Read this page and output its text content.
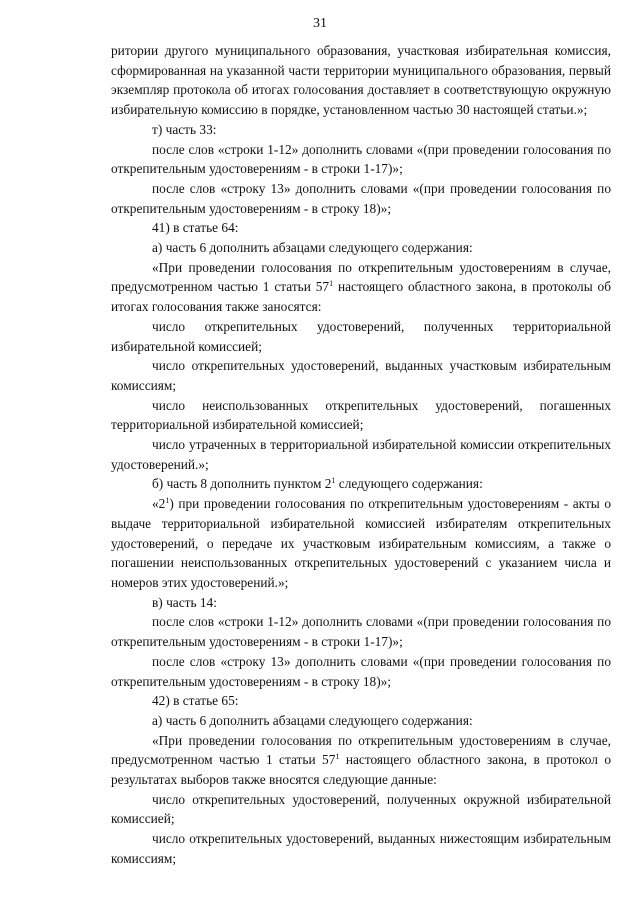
31

ритории другого муниципального образования, участковая избирательная комиссия, сформированная на указанной части территории муниципального образования, первый экземпляр протокола об итогах голосования доставляет в соответствующую окружную избирательную комиссию в порядке, установленном частью 30 настоящей статьи.»;

т) часть 33:

после слов «строки 1-12» дополнить словами «(при проведении голосования по открепительным удостоверениям - в строки 1-17)»;

после слов «строку 13» дополнить словами «(при проведении голосования по открепительным удостоверениям - в строку 18)»;

41) в статье 64:

а) часть 6 дополнить абзацами следующего содержания:

«При проведении голосования по открепительным удостоверениям в случае, предусмотренном частью 1 статьи $57^1$ настоящего областного закона, в протоколы об итогах голосования также заносятся:

число открепительных удостоверений, полученных территориальной избирательной комиссией;

число открепительных удостоверений, выданных участковым избирательным комиссиям;

число неиспользованных открепительных удостоверений, погашенных территориальной избирательной комиссией;

число утраченных в территориальной избирательной комиссии открепительных удостоверений.»;

б) часть 8 дополнить пунктом $2^1$ следующего содержания:

«$2^1$) при проведении голосования по открепительным удостоверениям - акты о выдаче территориальной избирательной комиссией избирателям открепительных удостоверений, о передаче их участковым избирательным комиссиям, а также о погашении неиспользованных открепительных удостоверений с указанием числа и номеров этих удостоверений.»;

в) часть 14:

после слов «строки 1-12» дополнить словами «(при проведении голосования по открепительным удостоверениям - в строки 1-17)»;

после слов «строку 13» дополнить словами «(при проведении голосования по открепительным удостоверениям - в строку 18)»;

42) в статье 65:

а) часть 6 дополнить абзацами следующего содержания:

«При проведении голосования по открепительным удостоверениям в случае, предусмотренном частью 1 статьи $57^1$ настоящего областного закона, в протокол о результатах выборов также вносятся следующие данные:

число открепительных удостоверений, полученных окружной избирательной комиссией;

число открепительных удостоверений, выданных нижестоящим избирательным комиссиям;
